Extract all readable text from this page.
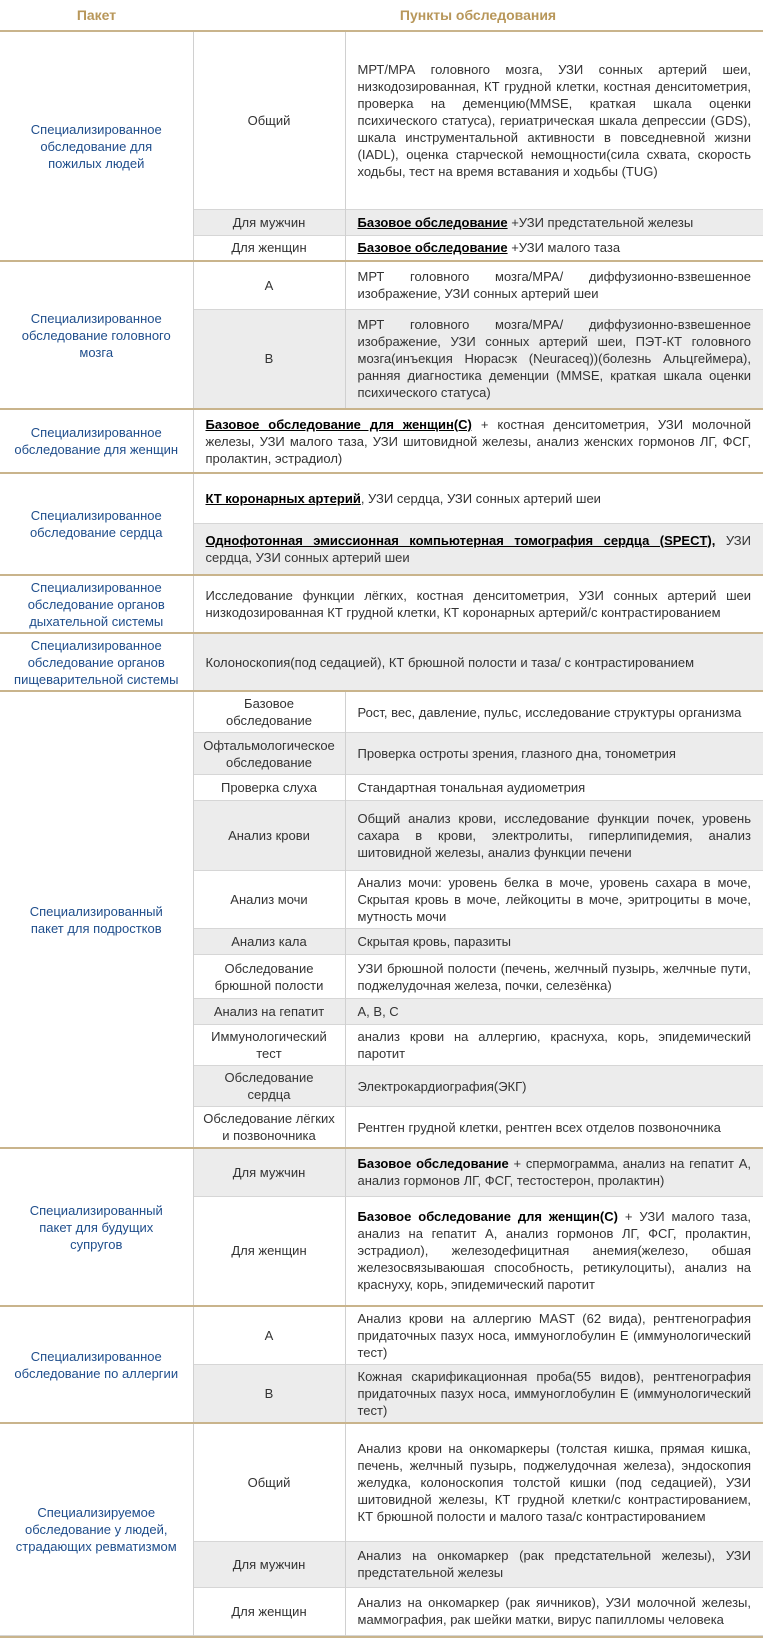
Пакет	Пункты обследования	
Специализированное обследование для пожилых людей	Общий	МРТ/МРА головного мозга, УЗИ сонных артерий шеи, низкодозированная, КТ грудной клетки, костная денситометрия, проверка на деменцию(MMSE, краткая шкала оценки психического статуса), гериатрическая шкала депрессии (GDS), шкала инструментальной активности в повседневной жизни (IADL), оценка старческой немощности(сила схвата, скорость ходьбы, тест на время вставания и ходьбы (TUG)
	Для мужчин	Базовое обследование +УЗИ предстательной железы
	Для женщин	Базовое обследование +УЗИ малого таза
Специализированное обследование головного мозга	A	МРТ головного мозга/МРА/ диффузионно-взвешенное изображение, УЗИ сонных артерий шеи
	B	МРТ головного мозга/МРА/ диффузионно-взвешенное изображение, УЗИ сонных артерий шеи, ПЭТ-КТ головного мозга(инъекция Нюрасэк (Neuraceq))(болезнь Альцгеймера), ранняя диагностика деменции (MMSE, краткая шкала оценки психического статуса)
Специализированное обследование для женщин	Базовое обследование для женщин(С) + костная денситометрия, УЗИ молочной железы, УЗИ малого таза, УЗИ шитовидной железы, анализ женских гормонов ЛГ, ФСГ, пролактин, эстрадиол)	
Специализированное обследование сердца	КТ коронарных артерий, УЗИ сердца, УЗИ сонных артерий шеи	
	Однофотонная эмиссионная компьютерная томография сердца (SPECT), УЗИ сердца, УЗИ сонных артерий шеи	
Специализированное обследование органов дыхательной системы	Исследование функции лёгких, костная денситометрия, УЗИ сонных артерий шеи низкодозированная КТ грудной клетки, КТ коронарных артерий/с контрастированием	
Специализированное обследование органов пищеварительной системы	Колоноскопия(под седацией), КТ брюшной полости и таза/ с контрастированием	
Специализированный пакет для подростков	Базовое обследование	Рост, вес, давление, пульс, исследование структуры организма
	Офтальмологическое обследование	Проверка остроты зрения, глазного дна, тонометрия
	Проверка слуха	Стандартная тональная аудиометрия
	Анализ крови	Общий анализ крови, исследование функции почек, уровень сахара в крови, электролиты, гиперлипидемия, анализ шитовидной железы, анализ функции печени
	Анализ мочи	Анализ мочи: уровень белка в моче, уровень сахара в моче, Скрытая кровь в моче, лейкоциты в моче, эритроциты в моче, мутность мочи
	Анализ кала	Скрытая кровь, паразиты
	Обследование брюшной полости	УЗИ брюшной полости (печень, желчный пузырь, желчные пути, поджелудочная железа, почки, селезёнка)
	Анализ на гепатит	A, B, C
	Иммунологический тест	анализ крови на аллергию, краснуха, корь, эпидемический паротит
	Обследование сердца	Электрокардиография(ЭКГ)
	Обследование лёгких и позвоночника	Рентген грудной клетки, рентген всех отделов позвоночника
Специализированный пакет для будущих супругов	Для мужчин	Базовое обследование + спермограмма, анализ на гепатит А, анализ гормонов ЛГ, ФСГ, тестостерон, пролактин)
	Для женщин	Базовое обследование для женщин(С) + УЗИ малого таза, анализ на гепатит А, анализ гормонов ЛГ, ФСГ, пролактин, эстрадиол), железодефицитная анемия(железо, обшая железосвязываюшая способность, ретикулоциты), анализ на краснуху, корь, эпидемический паротит
Специализированное обследование по аллергии	A	Анализ крови на аллергию MAST (62 вида), рентгенография придаточных пазух носа, иммуноглобулин Е (иммунологический тест)
	B	Кожная скарификационная проба(55 видов), рентгенография придаточных пазух носа, иммуноглобулин Е (иммунологический тест)
Специализируемое обследование у людей, страдающих ревматизмом	Общий	Анализ крови на онкомаркеры (толстая кишка, прямая кишка, печень, желчный пузырь, поджелудочная железа), эндоскопия желудка, колоноскопия толстой кишки (под седацией), УЗИ шитовидной железы, КТ грудной клетки/с контрастированием, КТ брюшной полости и малого таза/с контрастированием
	Для мужчин	Анализ на онкомаркер (рак предстательной железы), УЗИ предстательной железы
	Для женщин	Анализ на онкомаркер (рак яичников), УЗИ молочной железы, маммография, рак шейки матки, вирус папилломы человека
